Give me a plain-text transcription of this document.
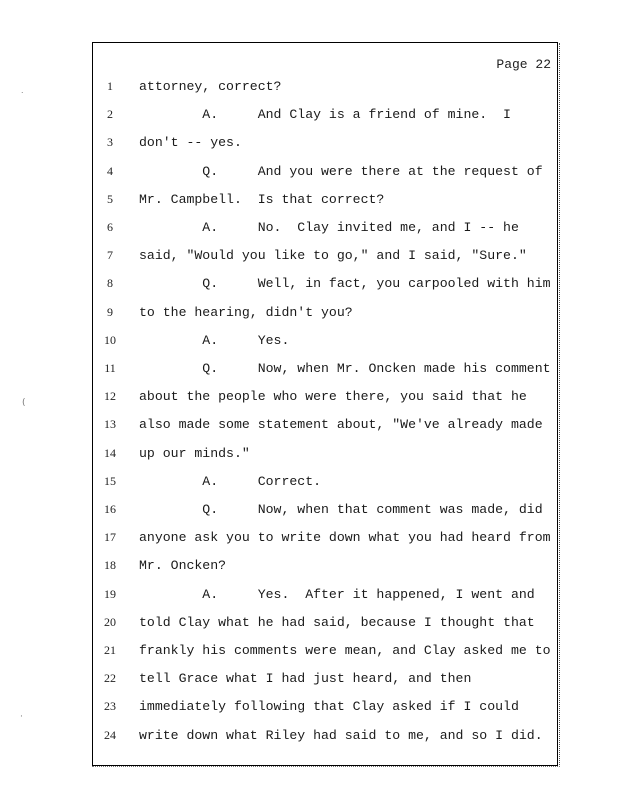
˙
(
·
Page 22
1	attorney, correct?
2	A.     And Clay is a friend of mine.  I
3	don't -- yes.
4	Q.     And you were there at the request of
5	Mr. Campbell.  Is that correct?
6	A.     No.  Clay invited me, and I -- he
7	said, "Would you like to go," and I said, "Sure."
8	Q.     Well, in fact, you carpooled with him
9	to the hearing, didn't you?
10	A.     Yes.
11	Q.     Now, when Mr. Oncken made his comment
12	about the people who were there, you said that he
13	also made some statement about, "We've already made
14	up our minds."
15	A.     Correct.
16	Q.     Now, when that comment was made, did
17	anyone ask you to write down what you had heard from
18	Mr. Oncken?
19	A.     Yes.  After it happened, I went and
20	told Clay what he had said, because I thought that
21	frankly his comments were mean, and Clay asked me to
22	tell Grace what I had just heard, and then
23	immediately following that Clay asked if I could
24	write down what Riley had said to me, and so I did.
